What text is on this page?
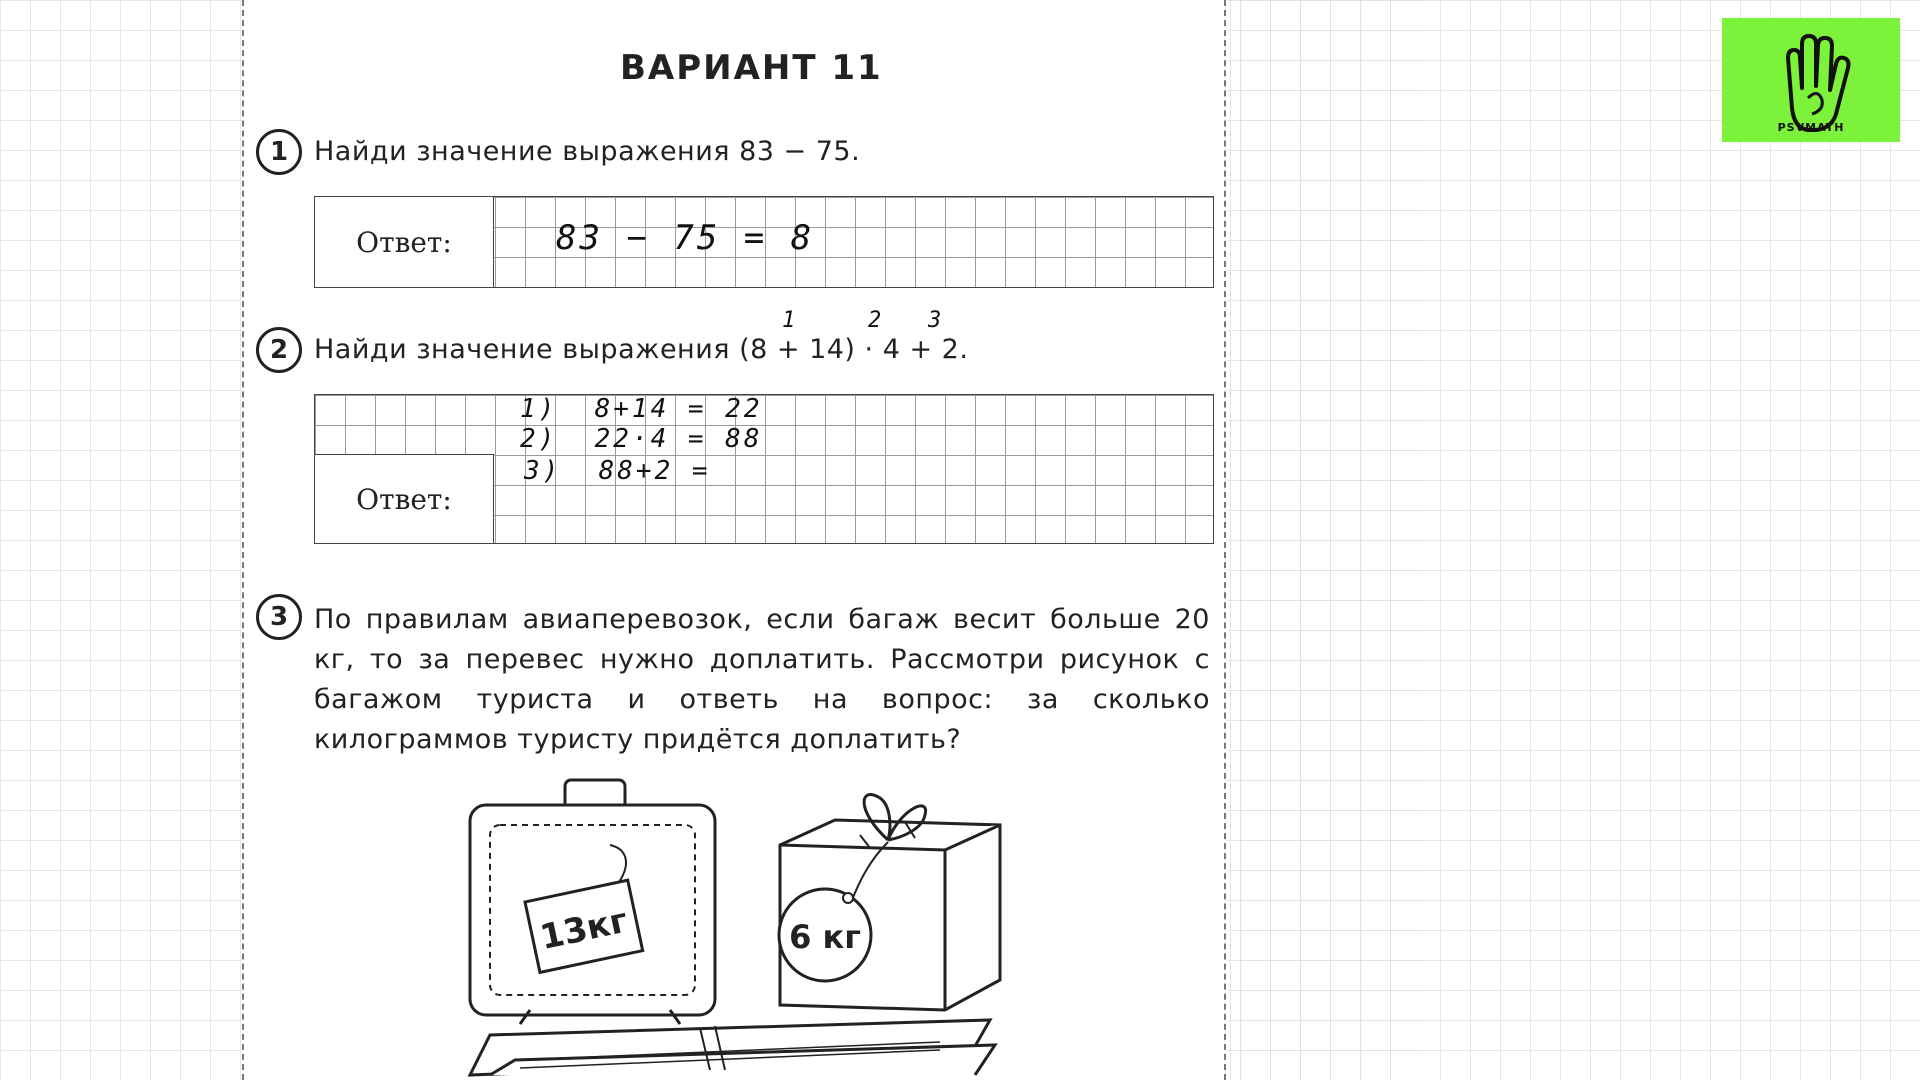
ВАРИАНТ 11
1 Найди значение выражения 83 − 75.
Ответ:	83 − 75 = 8
2 Найди значение выражения (8 + 14) · 4 + 2.
1	2 3
Ответ:
1)  8+14 = 22
2)  22·4 = 88
3)  88+2 =
3 По правилам авиаперевозок, если багаж весит больше 20 кг, то за перевес нужно доплатить. Рассмотри рисунок с багажом туриста и ответь на вопрос: за сколько килограммов туристу придётся доплатить?
13кг	6 кг
PSVMATH
